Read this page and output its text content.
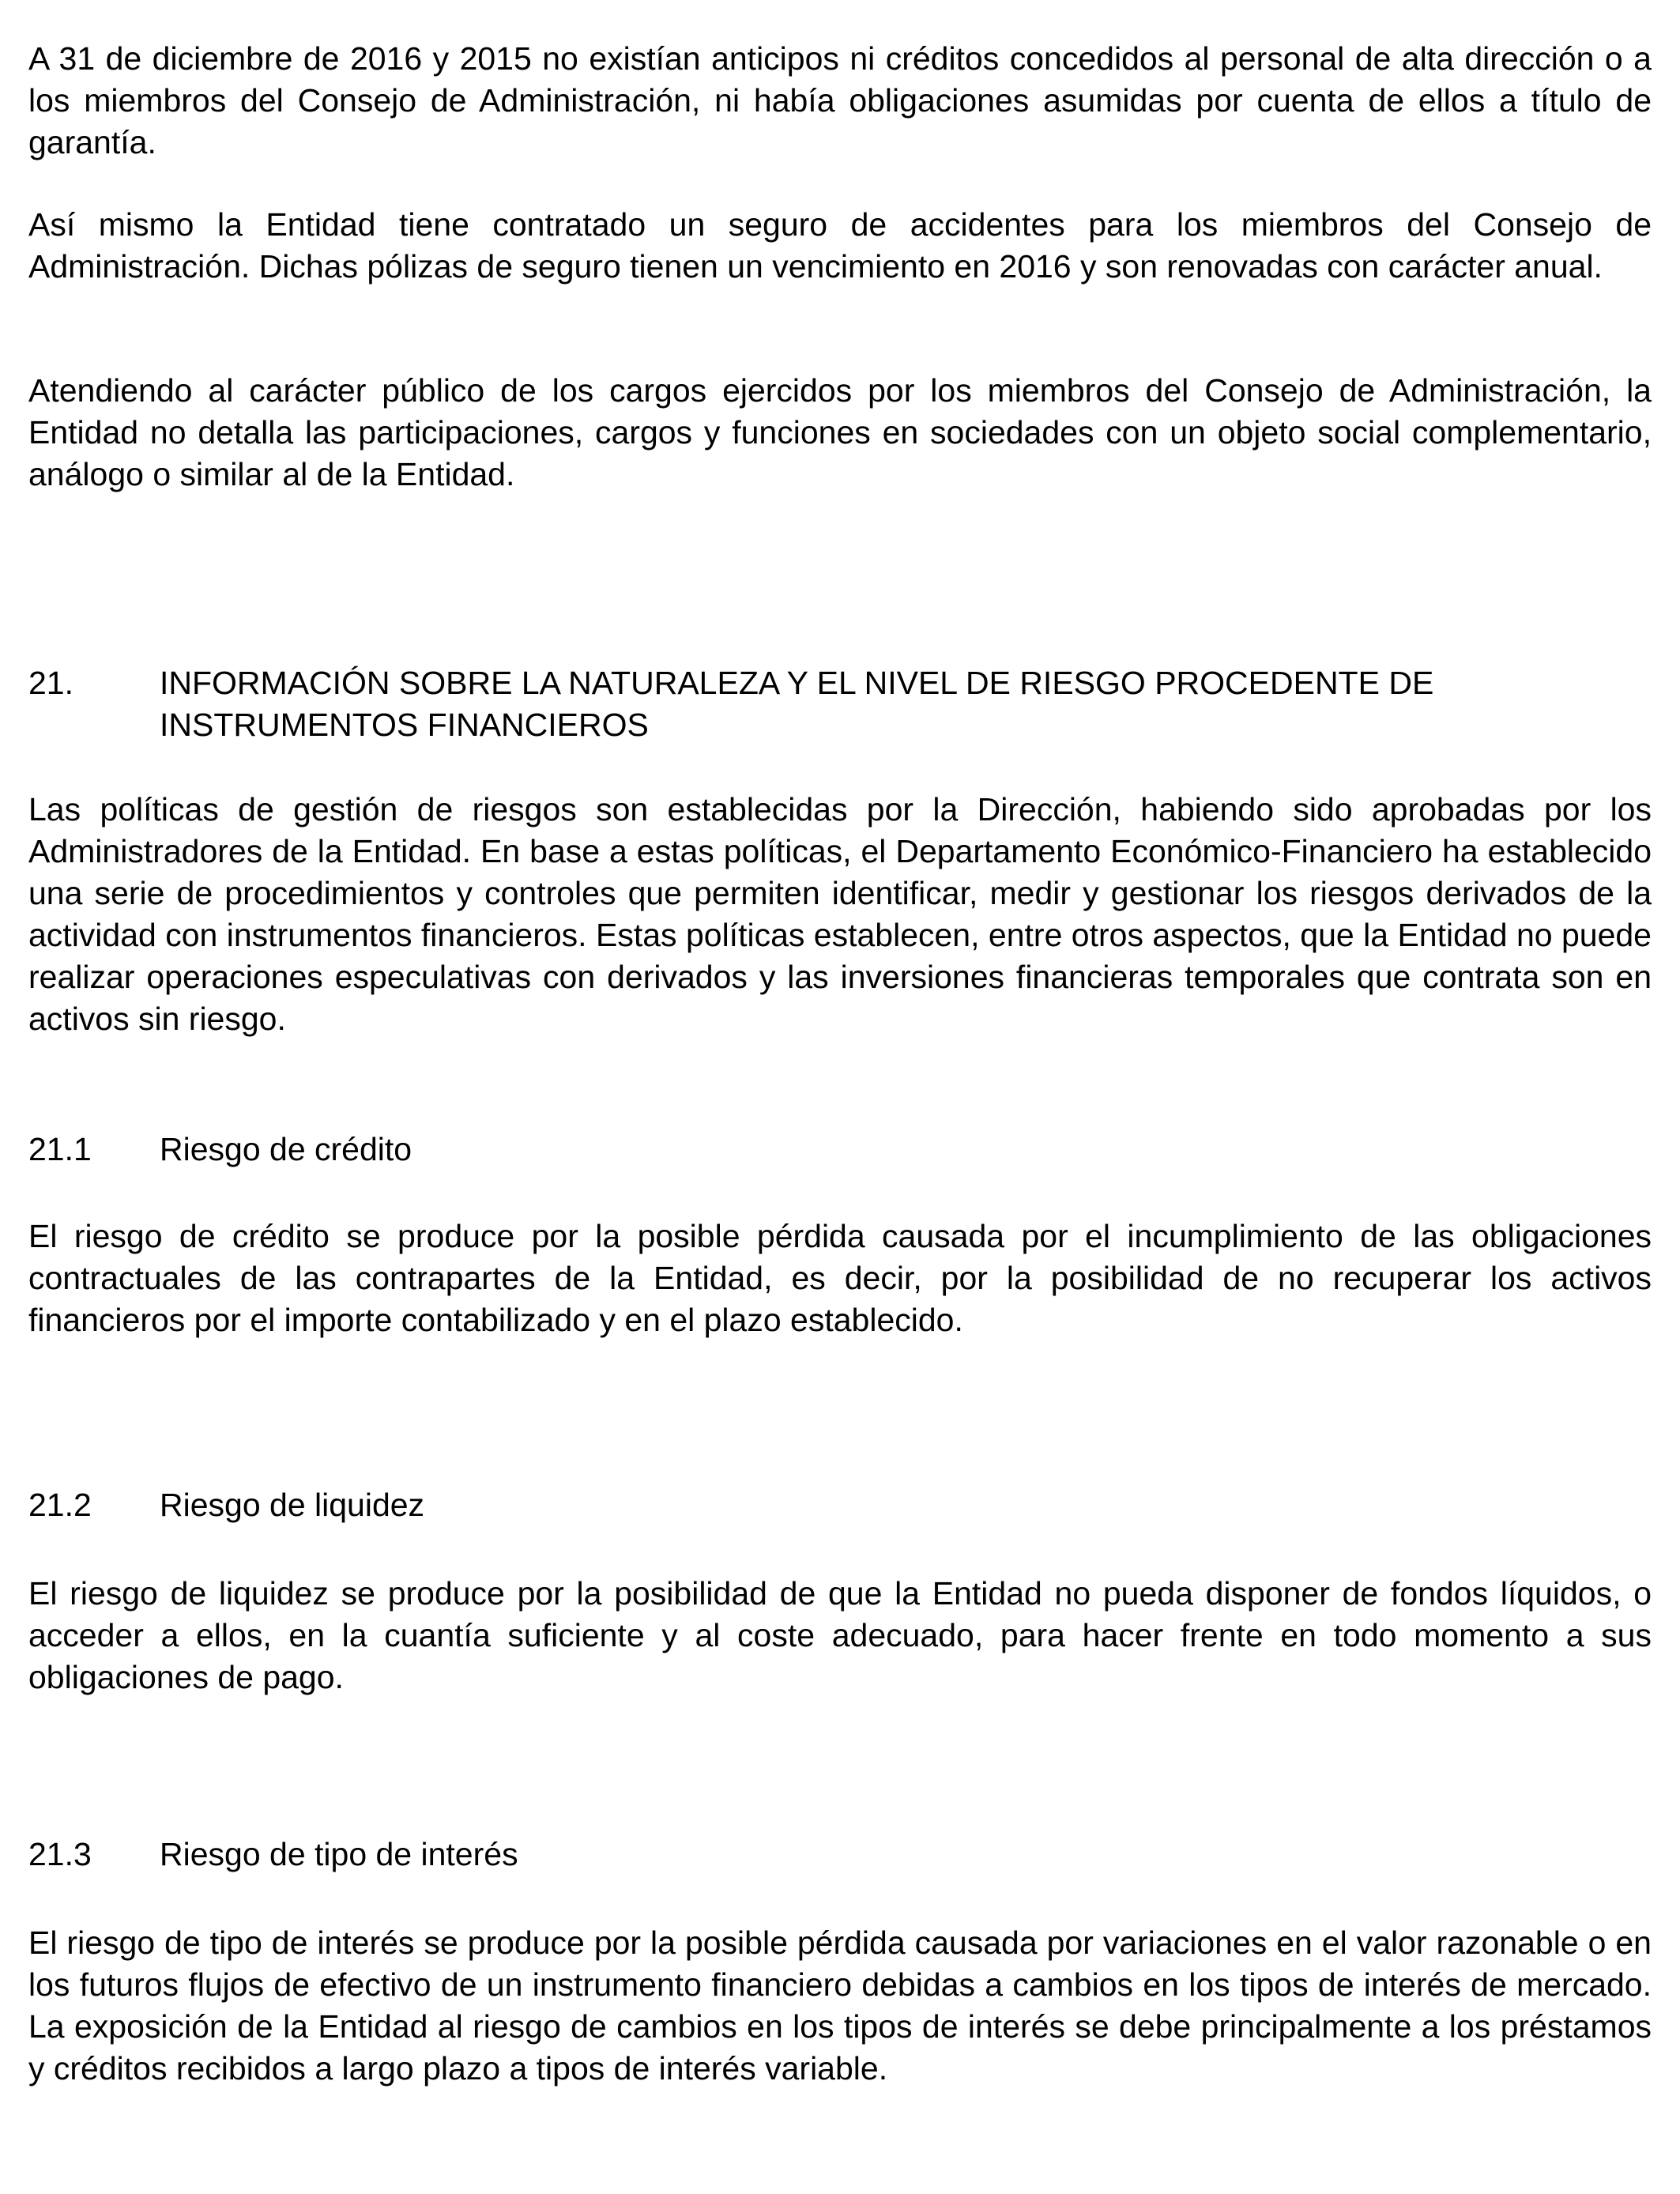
A 31 de diciembre de 2016 y 2015 no existían anticipos ni créditos concedidos al personal de alta dirección o a los miembros del Consejo de Administración, ni había obligaciones asumidas por cuenta de ellos a título de garantía.

Así mismo la Entidad tiene contratado un seguro de accidentes para los miembros del Consejo de Administración. Dichas pólizas de seguro tienen un vencimiento en 2016 y son renovadas con carácter anual.

Atendiendo al carácter público de los cargos ejercidos por los miembros del Consejo de Administración, la Entidad no detalla las participaciones, cargos y funciones en sociedades con un objeto social complementario, análogo o similar al de la Entidad.

21.	INFORMACIÓN SOBRE LA NATURALEZA Y EL NIVEL DE RIESGO PROCEDENTE DE INSTRUMENTOS FINANCIEROS

Las políticas de gestión de riesgos son establecidas por la Dirección, habiendo sido aprobadas por los Administradores de la Entidad. En base a estas políticas, el Departamento Económico-Financiero ha establecido una serie de procedimientos y controles que permiten identificar, medir y gestionar los riesgos derivados de la actividad con instrumentos financieros. Estas políticas establecen, entre otros aspectos, que la Entidad no puede realizar operaciones especulativas con derivados y las inversiones financieras temporales que contrata son en activos sin riesgo.

21.1	Riesgo de crédito

El riesgo de crédito se produce por la posible pérdida causada por el incumplimiento de las obligaciones contractuales de las contrapartes de la Entidad, es decir, por la posibilidad de no recuperar los activos financieros por el importe contabilizado y en el plazo establecido.

21.2	Riesgo de liquidez

El riesgo de liquidez se produce por la posibilidad de que la Entidad no pueda disponer de fondos líquidos, o acceder a ellos, en la cuantía suficiente y al coste adecuado, para hacer frente en todo momento a sus obligaciones de pago.

21.3	Riesgo de tipo de interés

El riesgo de tipo de interés se produce por la posible pérdida causada por variaciones en el valor razonable o en los futuros flujos de efectivo de un instrumento financiero debidas a cambios en los tipos de interés de mercado. La exposición de la Entidad al riesgo de cambios en los tipos de interés se debe principalmente a los préstamos y créditos recibidos a largo plazo a tipos de interés variable.
